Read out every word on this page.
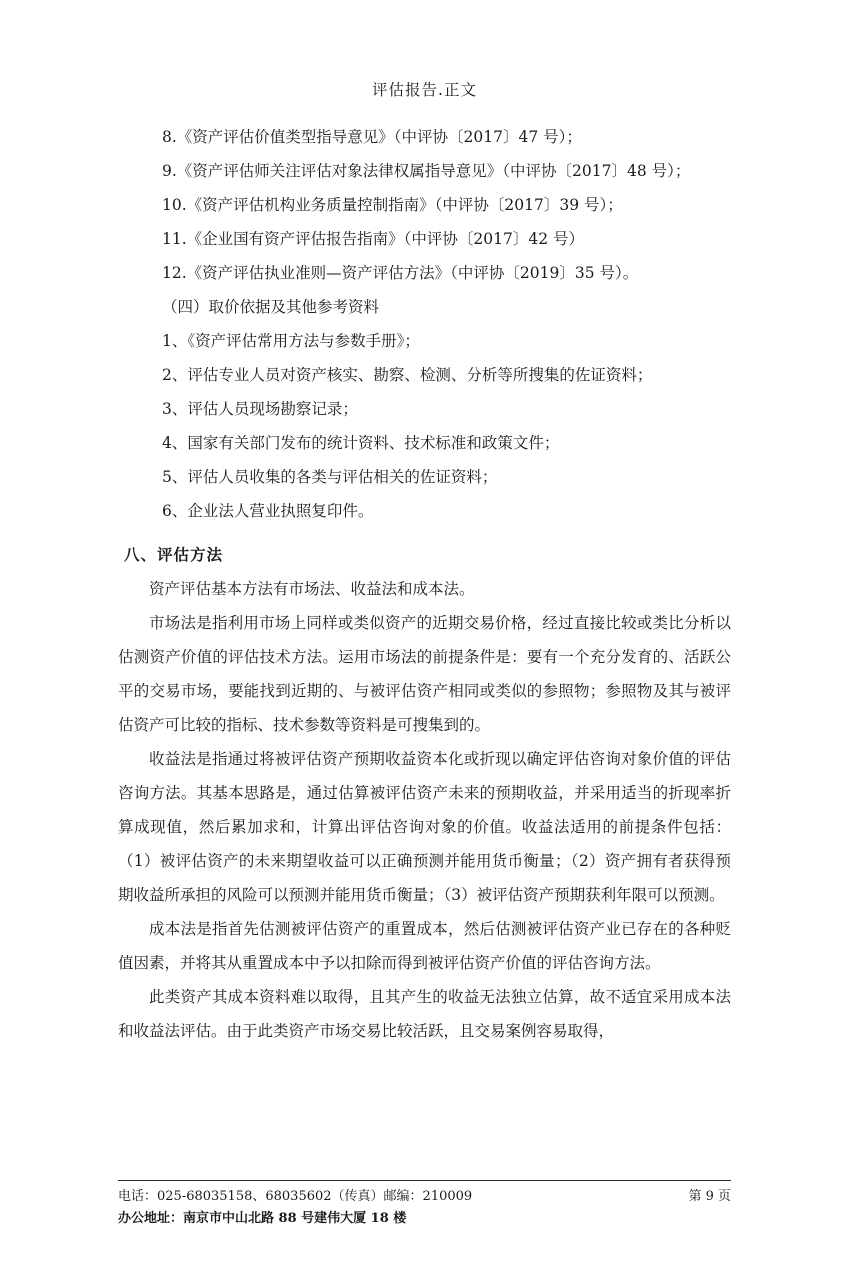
评估报告.正文

8.《资产评估价值类型指导意见》（中评协〔2017〕47 号）；

9.《资产评估师关注评估对象法律权属指导意见》（中评协〔2017〕48 号）；

10.《资产评估机构业务质量控制指南》（中评协〔2017〕39 号）；

11.《企业国有资产评估报告指南》（中评协〔2017〕42 号）

12.《资产评估执业准则—资产评估方法》（中评协〔2019〕35 号）。

（四）取价依据及其他参考资料

1、《资产评估常用方法与参数手册》；

2、评估专业人员对资产核实、勘察、检测、分析等所搜集的佐证资料；

3、评估人员现场勘察记录；

4、国家有关部门发布的统计资料、技术标准和政策文件；

5、评估人员收集的各类与评估相关的佐证资料；

6、企业法人营业执照复印件。

八、评估方法

资产评估基本方法有市场法、收益法和成本法。

市场法是指利用市场上同样或类似资产的近期交易价格，经过直接比较或类比分析以估测资产价值的评估技术方法。运用市场法的前提条件是：要有一个充分发育的、活跃公平的交易市场，要能找到近期的、与被评估资产相同或类似的参照物；参照物及其与被评估资产可比较的指标、技术参数等资料是可搜集到的。

收益法是指通过将被评估资产预期收益资本化或折现以确定评估咨询对象价值的评估咨询方法。其基本思路是，通过估算被评估资产未来的预期收益，并采用适当的折现率折算成现值，然后累加求和，计算出评估咨询对象的价值。收益法适用的前提条件包括：（1）被评估资产的未来期望收益可以正确预测并能用货币衡量；（2）资产拥有者获得预期收益所承担的风险可以预测并能用货币衡量；（3）被评估资产预期获利年限可以预测。

成本法是指首先估测被评估资产的重置成本，然后估测被评估资产业已存在的各种贬值因素，并将其从重置成本中予以扣除而得到被评估资产价值的评估咨询方法。

此类资产其成本资料难以取得，且其产生的收益无法独立估算，故不适宜采用成本法和收益法评估。由于此类资产市场交易比较活跃，且交易案例容易取得，

电话：025-68035158、68035602（传真）邮编：210009
办公地址：南京市中山北路 88 号建伟大厦 18 楼
第 9 页
